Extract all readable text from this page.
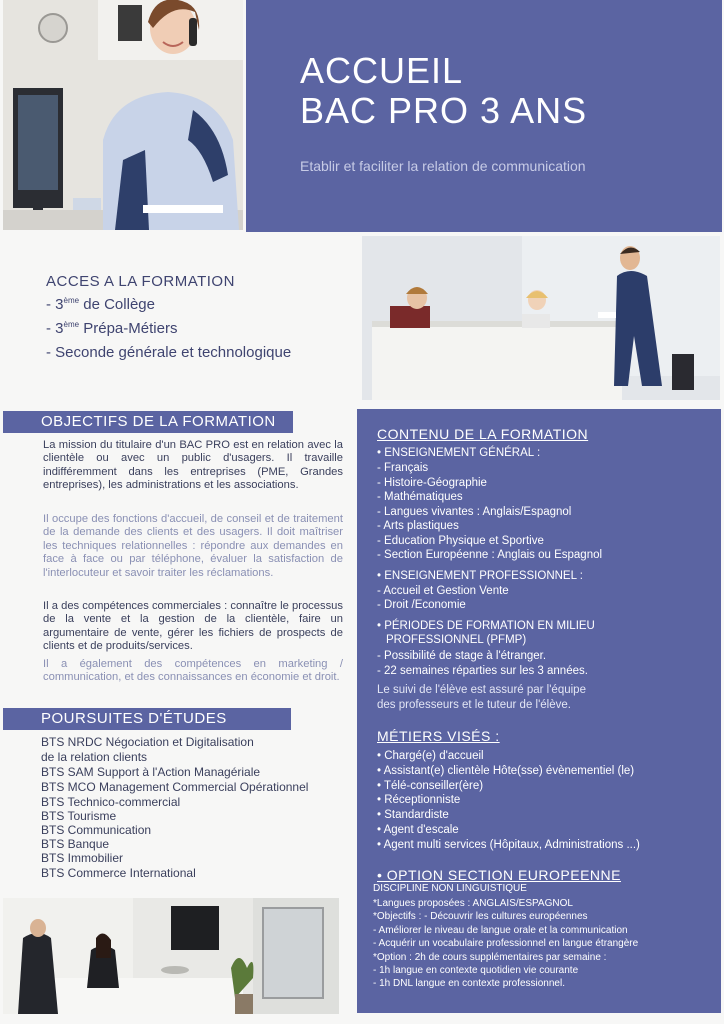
ACCUEIL
BAC PRO 3 ANS
Etablir et faciliter la relation de communication
ACCES A LA FORMATION
- 3ème de Collège
- 3ème Prépa-Métiers
- Seconde générale et technologique
OBJECTIFS DE LA FORMATION
La mission du titulaire d'un BAC PRO est en relation avec la clientèle ou avec un public d'usagers. Il travaille indifféremment dans les entreprises (PME, Grandes entreprises), les administrations et les associations.
Il occupe des fonctions d'accueil, de conseil et de traitement de la demande des clients et des usagers. Il doit maîtriser les techniques relationnelles : répondre aux demandes en face à face ou par téléphone, évaluer la satisfaction de l'interlocuteur et savoir traiter les réclamations.
Il a des compétences commerciales : connaître le processus de la vente et la gestion de la clientèle, faire un argumentaire de vente, gérer les fichiers de prospects de clients et de produits/services.
Il a également des compétences en marketing / communication, et des connaissances en économie et droit.
POURSUITES D'ÉTUDES
BTS NRDC Négociation et Digitalisation
de la relation clients
BTS SAM Support à l'Action Managériale
BTS MCO Management Commercial Opérationnel
BTS Technico-commercial
BTS Tourisme
BTS Communication
BTS Banque
BTS Immobilier
BTS Commerce International
CONTENU DE LA FORMATION
• ENSEIGNEMENT GÉNÉRAL :
- Français
- Histoire-Géographie
- Mathématiques
- Langues vivantes : Anglais/Espagnol
- Arts plastiques
- Education Physique et Sportive
- Section Européenne : Anglais ou Espagnol
• ENSEIGNEMENT PROFESSIONNEL :
- Accueil et Gestion Vente
- Droit /Economie
• PÉRIODES DE FORMATION EN MILIEU
PROFESSIONNEL (PFMP)
- Possibilité de stage à l'étranger.
- 22 semaines réparties sur les 3 années.
Le suivi de l'élève est assuré par l'équipe
des professeurs et le tuteur de l'élève.
MÉTIERS VISÉS :
• Chargé(e) d'accueil
• Assistant(e) clientèle Hôte(sse) évènementiel (le)
• Télé-conseiller(ère)
• Réceptionniste
• Standardiste
• Agent d'escale
• Agent multi services (Hôpitaux, Administrations ...)
• OPTION SECTION EUROPEENNE
DISCIPLINE NON LINGUISTIQUE
*Langues proposées : ANGLAIS/ESPAGNOL
*Objectifs : - Découvrir les cultures européennes
- Améliorer le niveau de langue orale et la communication
- Acquérir un vocabulaire professionnel en langue étrangère
*Option : 2h de cours supplémentaires par semaine :
- 1h langue en contexte quotidien vie courante
- 1h DNL langue en contexte professionnel.
